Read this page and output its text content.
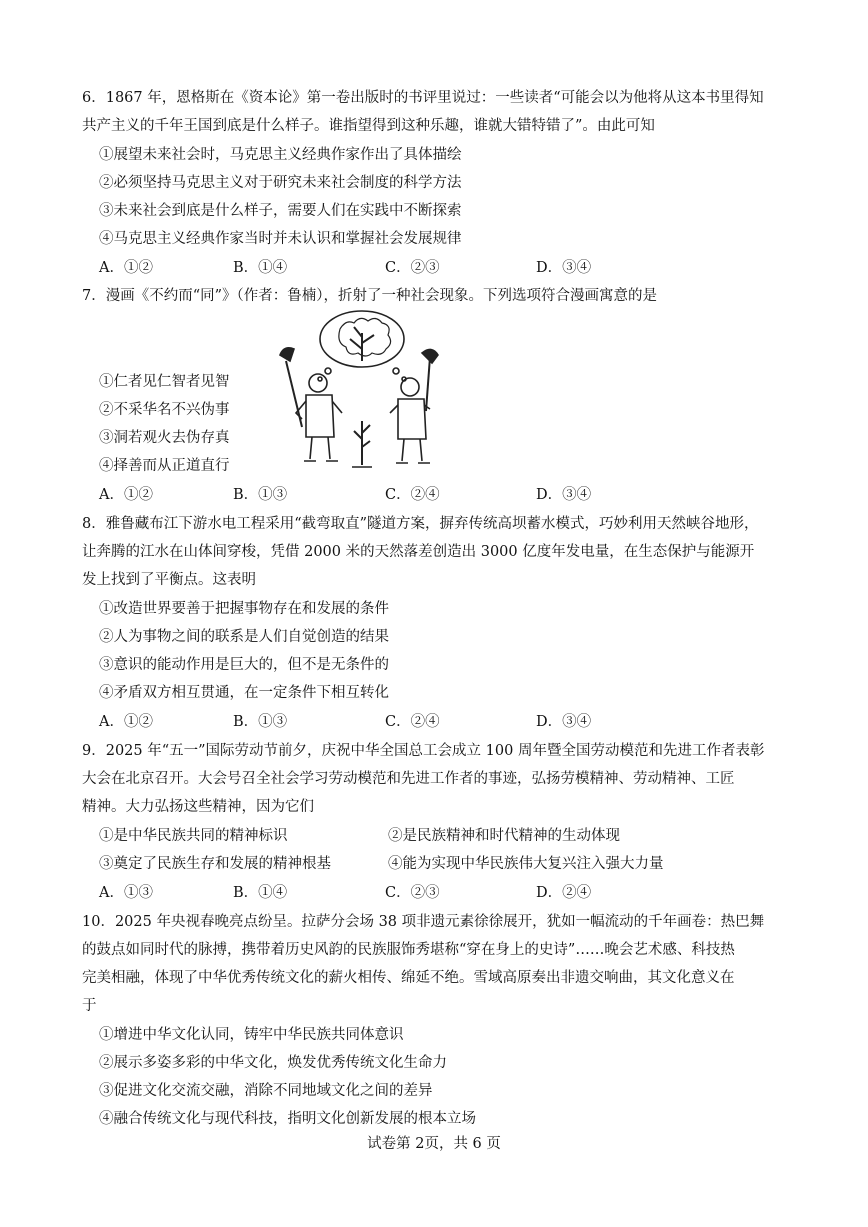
6．1867 年，恩格斯在《资本论》第一卷出版时的书评里说过：一些读者“可能会以为他将从这本书里得知
共产主义的千年王国到底是什么样子。谁指望得到这种乐趣，谁就大错特错了”。由此可知
①展望未来社会时，马克思主义经典作家作出了具体描绘
②必须坚持马克思主义对于研究未来社会制度的科学方法
③未来社会到底是什么样子，需要人们在实践中不断探索
④马克思主义经典作家当时并未认识和掌握社会发展规律
A．①②	B．①④	C．②③	D．③④
7．漫画《不约而“同”》（作者：鲁楠），折射了一种社会现象。下列选项符合漫画寓意的是
①仁者见仁智者见智
②不采华名不兴伪事
③洞若观火去伪存真
④择善而从正道直行
A．①②	B．①③	C．②④	D．③④
8．雅鲁藏布江下游水电工程采用“截弯取直”隧道方案，摒弃传统高坝蓄水模式，巧妙利用天然峡谷地形，
让奔腾的江水在山体间穿梭，凭借 2000 米的天然落差创造出 3000 亿度年发电量，在生态保护与能源开
发上找到了平衡点。这表明
①改造世界要善于把握事物存在和发展的条件
②人为事物之间的联系是人们自觉创造的结果
③意识的能动作用是巨大的，但不是无条件的
④矛盾双方相互贯通，在一定条件下相互转化
A．①②	B．①③	C．②④	D．③④
9．2025 年“五一”国际劳动节前夕，庆祝中华全国总工会成立 100 周年暨全国劳动模范和先进工作者表彰
大会在北京召开。大会号召全社会学习劳动模范和先进工作者的事迹，弘扬劳模精神、劳动精神、工匠
精神。大力弘扬这些精神，因为它们
①是中华民族共同的精神标识	②是民族精神和时代精神的生动体现
③奠定了民族生存和发展的精神根基	④能为实现中华民族伟大复兴注入强大力量
A．①③	B．①④	C．②③	D．②④
10．2025 年央视春晚亮点纷呈。拉萨分会场 38 项非遗元素徐徐展开，犹如一幅流动的千年画卷：热巴舞
的鼓点如同时代的脉搏，携带着历史风韵的民族服饰秀堪称“穿在身上的史诗”……晚会艺术感、科技热
完美相融，体现了中华优秀传统文化的薪火相传、绵延不绝。雪域高原奏出非遗交响曲，其文化意义在
于
①增进中华文化认同，铸牢中华民族共同体意识
②展示多姿多彩的中华文化，焕发优秀传统文化生命力
③促进文化交流交融，消除不同地域文化之间的差异
④融合传统文化与现代科技，指明文化创新发展的根本立场
试卷第 2页，共 6 页
